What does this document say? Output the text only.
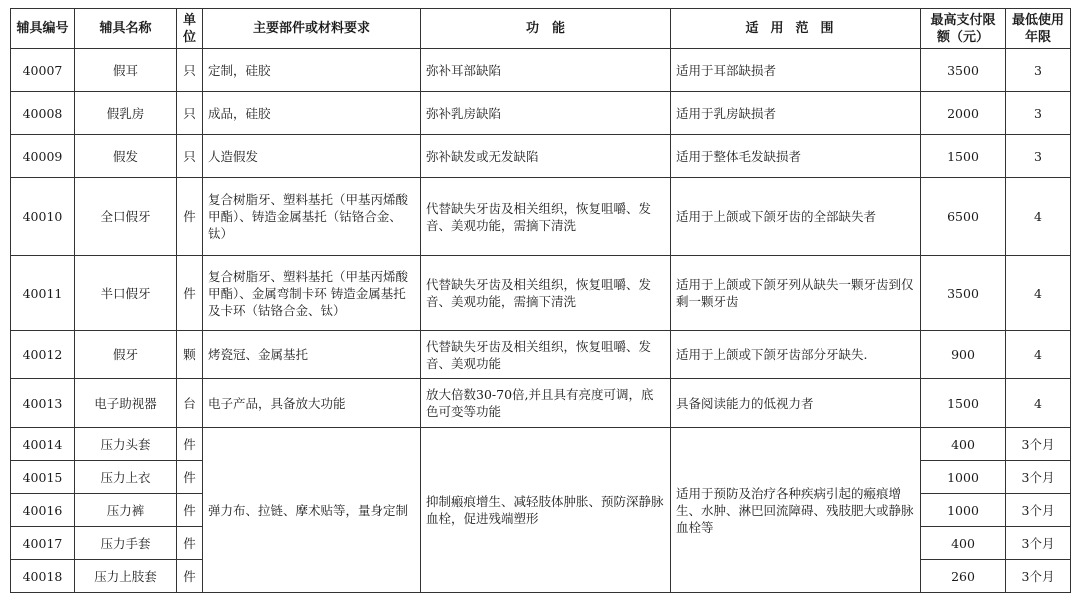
辅具编号	辅具名称	单位	主要部件或材料要求	功　能	适用范围	最高支付限额（元）	最低使用年限
40007	假耳	只	定制，硅胶	弥补耳部缺陷	适用于耳部缺损者	3500	3
40008	假乳房	只	成品，硅胶	弥补乳房缺陷	适用于乳房缺损者	2000	3
40009	假发	只	人造假发	弥补缺发或无发缺陷	适用于整体毛发缺损者	1500	3
40010	全口假牙	件	复合树脂牙、塑料基托（甲基丙烯酸甲酯）、铸造金属基托（钴铬合金、钛）	代替缺失牙齿及相关组织，恢复咀嚼、发音、美观功能，需摘下清洗	适用于上颌或下颌牙齿的全部缺失者	6500	4
40011	半口假牙	件	复合树脂牙、塑料基托（甲基丙烯酸甲酯）、金属弯制卡环 铸造金属基托及卡环（钴铬合金、钛）	代替缺失牙齿及相关组织，恢复咀嚼、发音、美观功能，需摘下清洗	适用于上颌或下颌牙列从缺失一颗牙齿到仅剩一颗牙齿	3500	4
40012	假牙	颗	烤瓷冠、金属基托	代替缺失牙齿及相关组织，恢复咀嚼、发音、美观功能	适用于上颌或下颌牙齿部分牙缺失.	900	4
40013	电子助视器	台	电子产品，具备放大功能	放大倍数30-70倍,并且具有亮度可调，底色可变等功能	具备阅读能力的低视力者	1500	4
40014	压力头套	件	弹力布、拉链、摩术贴等，量身定制	抑制瘢痕增生、减轻肢体肿胀、预防深静脉血栓，促进残端塑形	适用于预防及治疗各种疾病引起的瘢痕增生、水肿、淋巴回流障碍、残肢肥大或静脉血栓等	400	3个月
40015	压力上衣	件				1000	3个月
40016	压力裤	件				1000	3个月
40017	压力手套	件				400	3个月
40018	压力上肢套	件				260	3个月
